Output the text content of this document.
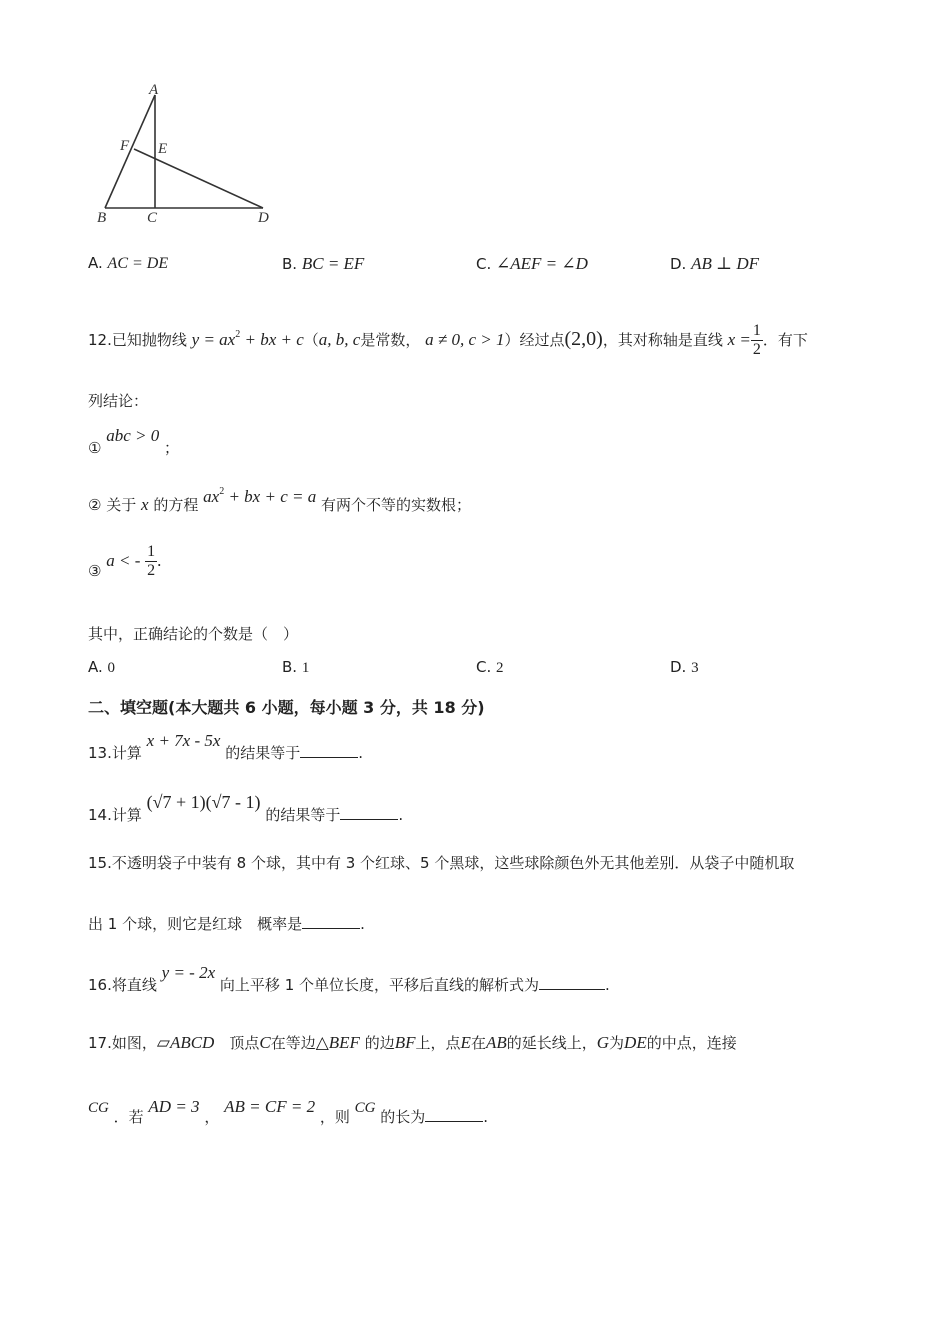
A
F E
B	C	D
A. AC = DE	B. BC = EF	C. ∠AEF = ∠D	D. AB ⊥ DF
12.已知抛物线 $y = ax^2$ + bx + c（a, b, c是常数， a ≠ 0, c > 1）经过点(2,0)，其对称轴是直线 $x = \frac{1}{2}$ ．有下
列结论：
① abc > 0 ；
② 关于 x 的方程 $ax^2$ + bx + c = a 有两个不等的实数根；
③ a < - $\frac{1}{2}$ .
其中，正确结论的个数是（　）
A. 0	B. 1	C. 2	D. 3
二、填空题(本大题共 6 小题，每小题 3 分，共 18 分)
13.计算 x + 7x - 5x 的结果等于	.
14.计算 (√7 + 1)(√7 - 1) 的结果等于	.
15.不透明袋子中装有 8 个球，其中有 3 个红球、5 个黑球，这些球除颜色外无其他差别．从袋子中随机取
出 1 个球，则它是红球　概率是	.
16.将直线 y = - 2x 向上平移 1 个单位长度，平移后直线的解析式为	.
17.如图，▱ABCD　顶点C在等边△BEF 的边BF上，点E在AB的延长线上，G为DE的中点，连接
CG ．若 AD = 3 ， AB = CF = 2 ，则 CG 的长为	.
